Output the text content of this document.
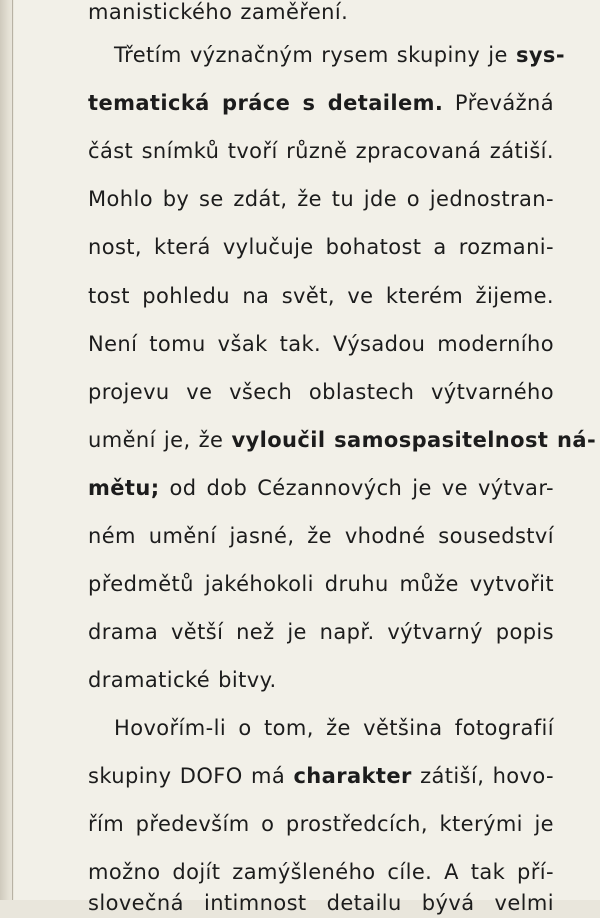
manistického zaměření.
Třetím význačným rysem skupiny je sys-
tematická práce s detailem. Převážná
část snímků tvoří různě zpracovaná zátiší.
Mohlo by se zdát, že tu jde o jednostran-
nost, která vylučuje bohatost a rozmani-
tost pohledu na svět, ve kterém žijeme.
Není tomu však tak. Výsadou moderního
projevu ve všech oblastech výtvarného
umění je, že vyloučil samospasitelnost ná-
mětu; od dob Cézannových je ve výtvar-
ném umění jasné, že vhodné sousedství
předmětů jakéhokoli druhu může vytvořit
drama větší než je např. výtvarný popis
dramatické bitvy.
Hovořím-li o tom, že většina fotografií
skupiny DOFO má charakter zátiší, hovo-
řím především o prostředcích, kterými je
možno dojít zamýšleného cíle. A tak pří-
slovečná intimnost detailu bývá velmi
